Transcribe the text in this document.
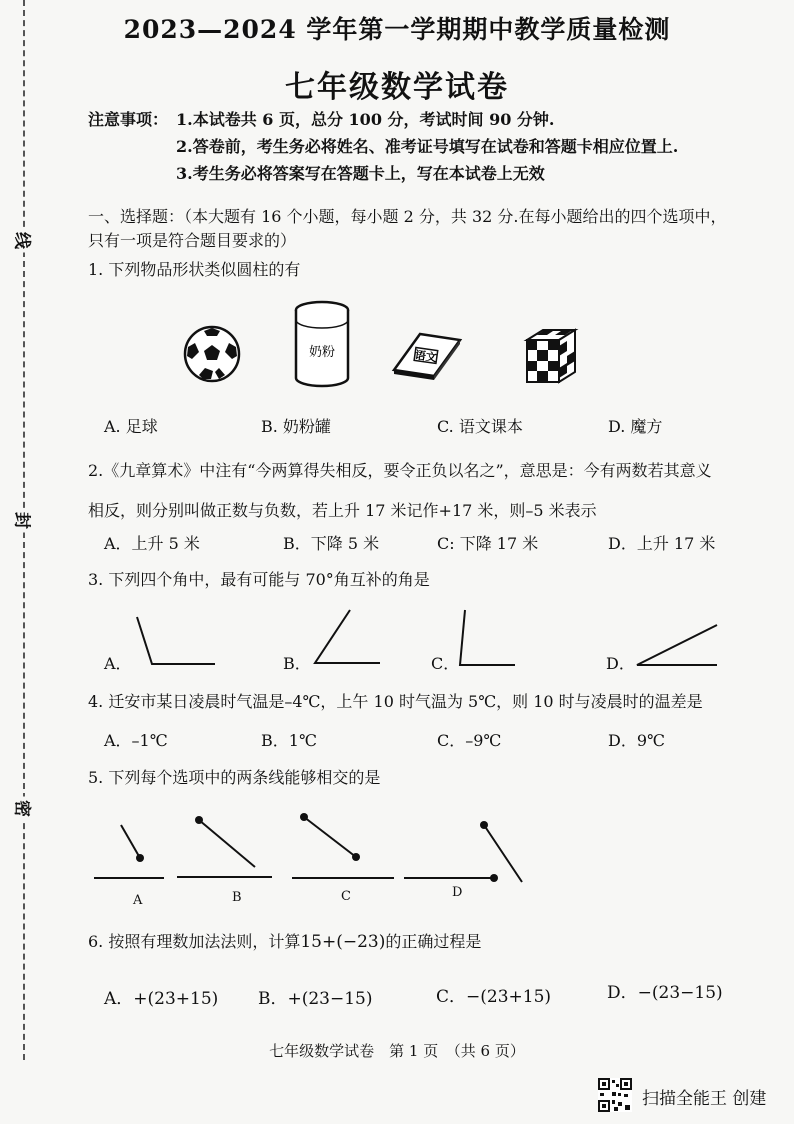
线
封
密
2023—2024 学年第一学期期中教学质量检测
七年级数学试卷
注意事项： 1.本试卷共 6 页，总分 100 分，考试时间 90 分钟.
2.答卷前，考生务必将姓名、准考证号填写在试卷和答题卡相应位置上.
3.考生务必将答案写在答题卡上，写在本试卷上无效
一、选择题：（本大题有 16 个小题，每小题 2 分，共 32 分.在每小题给出的四个选项中，
只有一项是符合题目要求的）
1. 下列物品形状类似圆柱的有
奶粉	语文
A. 足球	B. 奶粉罐	C. 语文课本	D. 魔方
2.《九章算术》中注有“今两算得失相反，要令正负以名之”，意思是：今有两数若其意义
相反，则分别叫做正数与负数，若上升 17 米记作+17 米，则–5 米表示
A．上升 5 米	B．下降 5 米	C: 下降 17 米	D．上升 17 米
3. 下列四个角中，最有可能与 70°角互补的角是
A．	B．	C．	D．
4. 迁安市某日凌晨时气温是–4℃，上午 10 时气温为 5℃，则 10 时与凌晨时的温差是
A．–1℃	B．1℃	C．–9℃	D．9℃
5. 下列每个选项中的两条线能够相交的是
A	B	C	D
6. 按照有理数加法法则，计算15+(−23)的正确过程是
A．+(23+15) B．+(23−15)	C．−(23+15)	D．−(23−15)
七年级数学试卷　第 1 页　（共 6 页）
扫描全能王 创建
